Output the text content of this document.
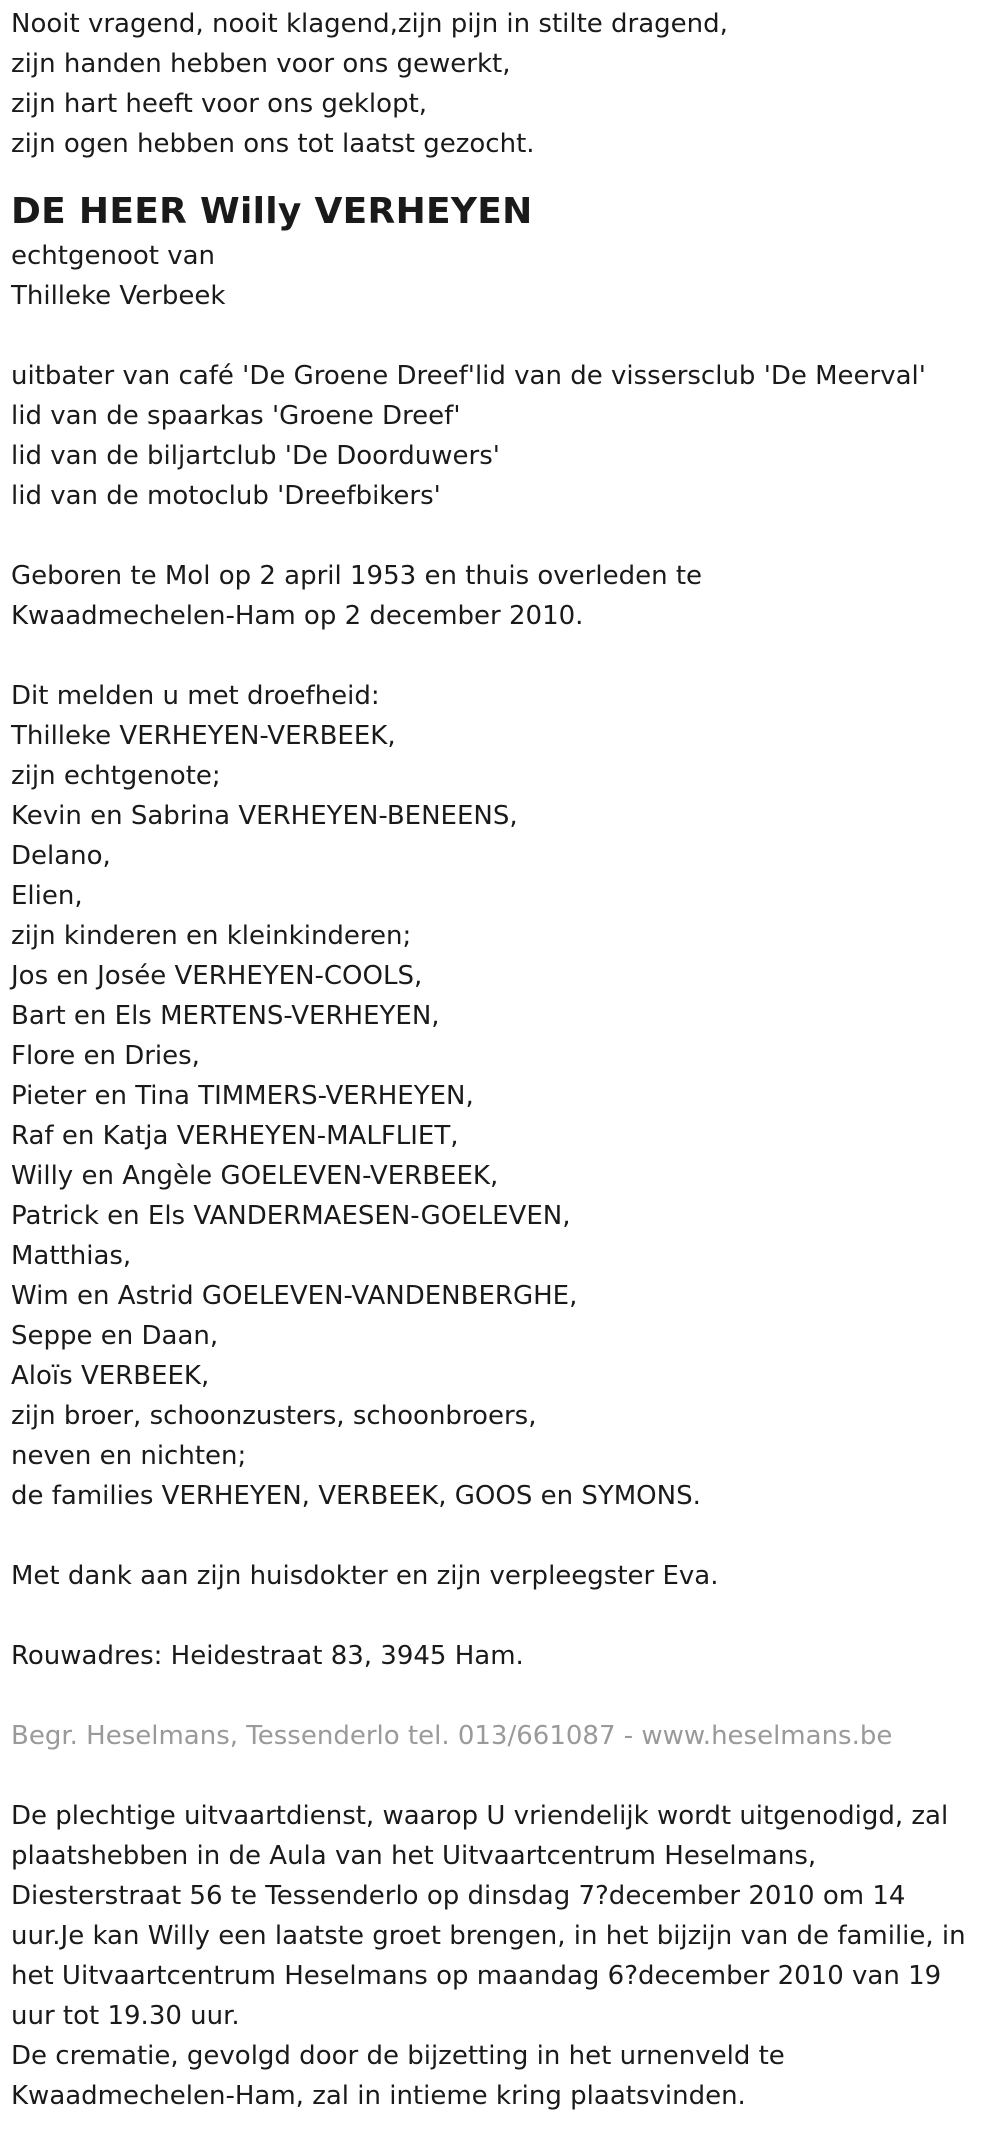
Nooit vragend, nooit klagend,zijn pijn in stilte dragend,
zijn handen hebben voor ons gewerkt,
zijn hart heeft voor ons geklopt,
zijn ogen hebben ons tot laatst gezocht.
DE HEER Willy VERHEYEN
echtgenoot van
Thilleke Verbeek
uitbater van café 'De Groene Dreef'lid van de vissersclub 'De Meerval'
lid van de spaarkas 'Groene Dreef'
lid van de biljartclub 'De Doorduwers'
lid van de motoclub 'Dreefbikers'
Geboren te Mol op 2 april 1953 en thuis overleden te
Kwaadmechelen-Ham op 2 december 2010.
Dit melden u met droefheid:
Thilleke VERHEYEN-VERBEEK,
zijn echtgenote;
Kevin en Sabrina VERHEYEN-BENEENS,
Delano,
Elien,
zijn kinderen en kleinkinderen;
Jos en Josée VERHEYEN-COOLS,
Bart en Els MERTENS-VERHEYEN,
Flore en Dries,
Pieter en Tina TIMMERS-VERHEYEN,
Raf en Katja VERHEYEN-MALFLIET,
Willy en Angèle GOELEVEN-VERBEEK,
Patrick en Els VANDERMAESEN-GOELEVEN,
Matthias,
Wim en Astrid GOELEVEN-VANDENBERGHE,
Seppe en Daan,
Aloïs VERBEEK,
zijn broer, schoonzusters, schoonbroers,
neven en nichten;
de families VERHEYEN, VERBEEK, GOOS en SYMONS.
Met dank aan zijn huisdokter en zijn verpleegster Eva.
Rouwadres: Heidestraat 83, 3945 Ham.
Begr. Heselmans, Tessenderlo tel. 013/661087 - www.heselmans.be
De plechtige uitvaartdienst, waarop U vriendelijk wordt uitgenodigd, zal
plaatshebben in de Aula van het Uitvaartcentrum Heselmans,
Diesterstraat 56 te Tessenderlo op dinsdag 7?december 2010 om 14
uur.Je kan Willy een laatste groet brengen, in het bijzijn van de familie, in
het Uitvaartcentrum Heselmans op maandag 6?december 2010 van 19
uur tot 19.30 uur.
De crematie, gevolgd door de bijzetting in het urnenveld te
Kwaadmechelen-Ham, zal in intieme kring plaatsvinden.
